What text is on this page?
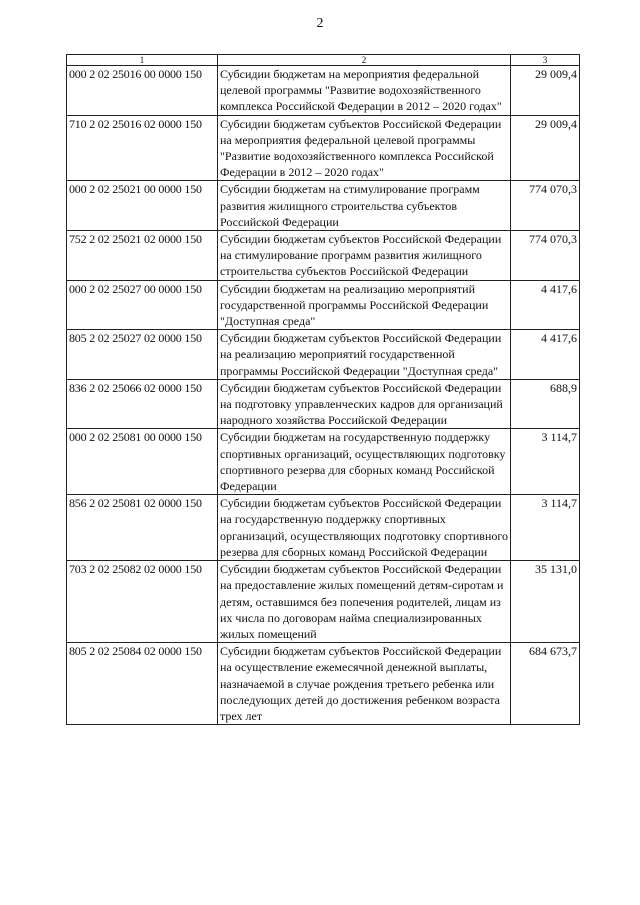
2
1	2	3
000 2 02 25016 00 0000 150	Субсидии бюджетам на мероприятия федеральной целевой программы "Развитие водохозяйственного комплекса Российской Федерации в 2012 – 2020 годах"	29 009,4
710 2 02 25016 02 0000 150	Субсидии бюджетам субъектов Российской Федерации на мероприятия федеральной целевой программы "Развитие водохозяйственного комплекса Российской Федерации в 2012 – 2020 годах"	29 009,4
000 2 02 25021 00 0000 150	Субсидии бюджетам на стимулирование программ развития жилищного строительства субъектов Российской Федерации	774 070,3
752 2 02 25021 02 0000 150	Субсидии бюджетам субъектов Российской Федерации на стимулирование программ развития жилищного строительства субъектов Российской Федерации	774 070,3
000 2 02 25027 00 0000 150	Субсидии бюджетам на реализацию мероприятий государственной программы Российской Федерации "Доступная среда"	4 417,6
805 2 02 25027 02 0000 150	Субсидии бюджетам субъектов Российской Федерации на реализацию мероприятий государственной программы Российской Федерации "Доступная среда"	4 417,6
836 2 02 25066 02 0000 150	Субсидии бюджетам субъектов Российской Федерации на подготовку управленческих кадров для организаций народного хозяйства Российской Федерации	688,9
000 2 02 25081 00 0000 150	Субсидии бюджетам на государственную поддержку спортивных организаций, осуществляющих подготовку спортивного резерва для сборных команд Российской Федерации	3 114,7
856 2 02 25081 02 0000 150	Субсидии бюджетам субъектов Российской Федерации на государственную поддержку спортивных организаций, осуществляющих подготовку спортивного резерва для сборных команд Российской Федерации	3 114,7
703 2 02 25082 02 0000 150	Субсидии бюджетам субъектов Российской Федерации на предоставление жилых помещений детям-сиротам и детям, оставшимся без попечения родителей, лицам из их числа по договорам найма специализированных жилых помещений	35 131,0
805 2 02 25084 02 0000 150	Субсидии бюджетам субъектов Российской Федерации на осуществление ежемесячной денежной выплаты, назначаемой в случае рождения третьего ребенка или последующих детей до достижения ребенком возраста трех лет	684 673,7
